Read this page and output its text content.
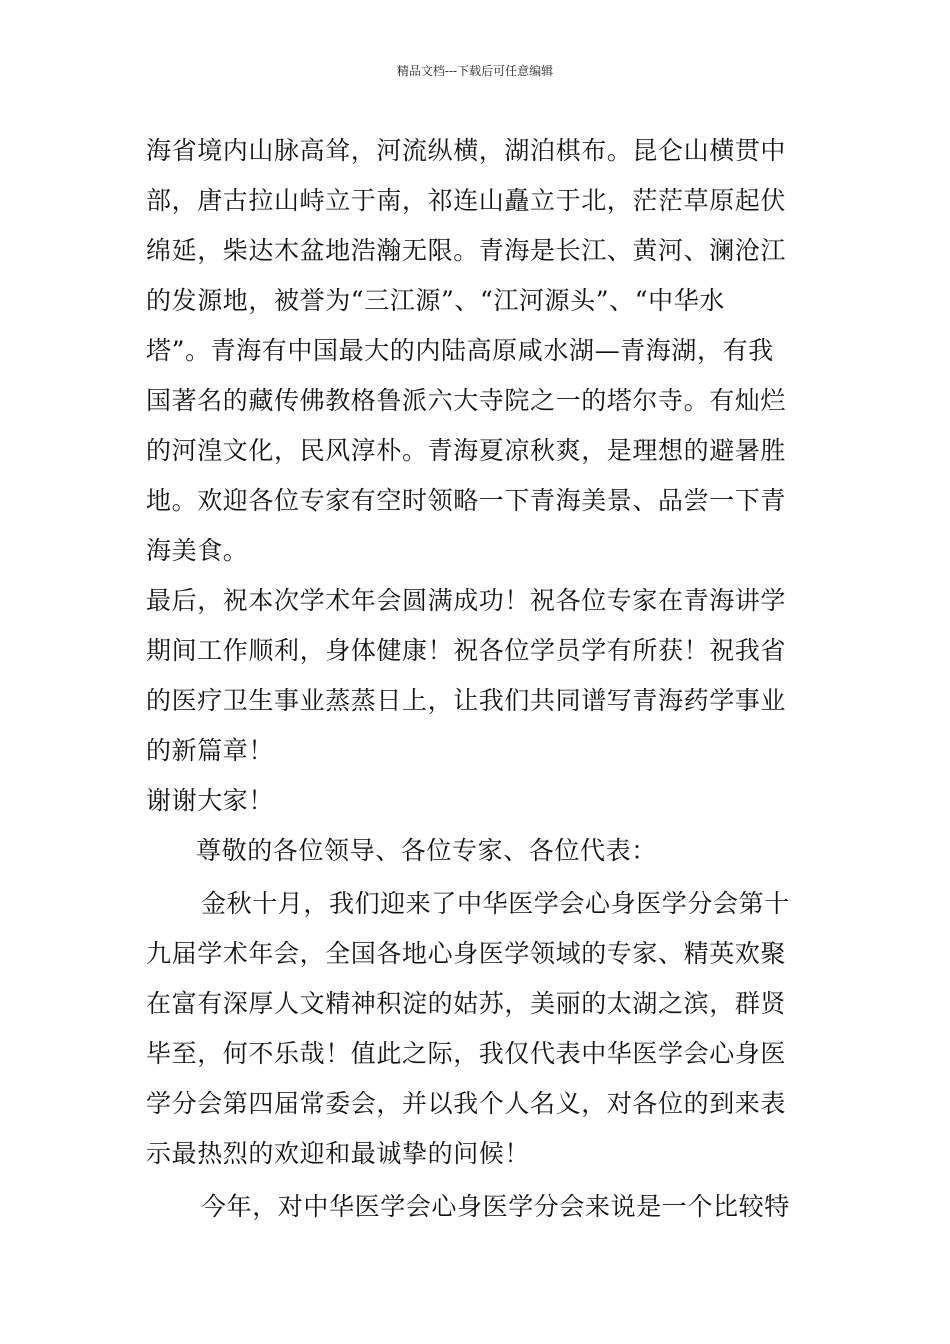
精品文档---下载后可任意编辑
海省境内山脉高耸，河流纵横，湖泊棋布。昆仑山横贯中
部，唐古拉山峙立于南，祁连山矗立于北，茫茫草原起伏
绵延，柴达木盆地浩瀚无限。青海是长江、黄河、澜沧江
的发源地，被誉为“三江源”、“江河源头”、“中华水
塔”。青海有中国最大的内陆高原咸水湖—青海湖，有我
国著名的藏传佛教格鲁派六大寺院之一的塔尔寺。有灿烂
的河湟文化，民风淳朴。青海夏凉秋爽，是理想的避暑胜
地。欢迎各位专家有空时领略一下青海美景、品尝一下青
海美食。
最后，祝本次学术年会圆满成功！祝各位专家在青海讲学
期间工作顺利，身体健康！祝各位学员学有所获！祝我省
的医疗卫生事业蒸蒸日上，让我们共同谱写青海药学事业
的新篇章！
谢谢大家！
尊敬的各位领导、各位专家、各位代表：
金秋十月，我们迎来了中华医学会心身医学分会第十
九届学术年会，全国各地心身医学领域的专家、精英欢聚
在富有深厚人文精神积淀的姑苏，美丽的太湖之滨，群贤
毕至，何不乐哉！值此之际，我仅代表中华医学会心身医
学分会第四届常委会，并以我个人名义，对各位的到来表
示最热烈的欢迎和最诚挚的问候！
今年，对中华医学会心身医学分会来说是一个比较特
